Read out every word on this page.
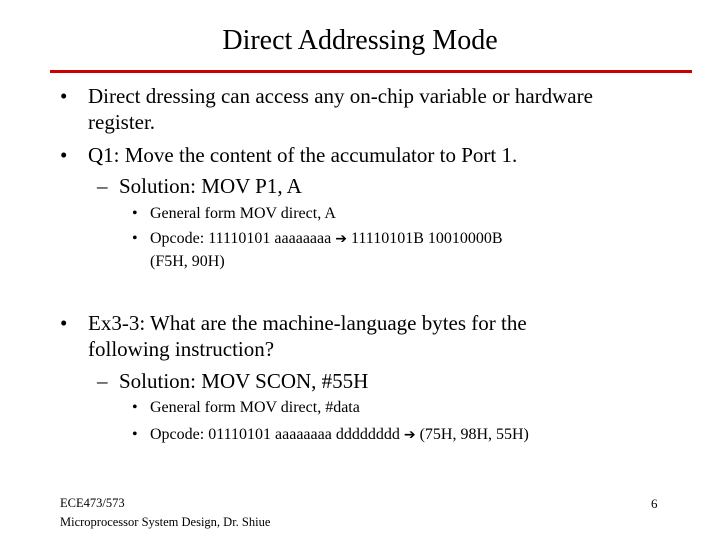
Direct Addressing Mode
• Direct dressing can access any on-chip variable or hardware
register.
• Q1: Move the content of the accumulator to Port 1.
– Solution: MOV P1, A
• General form MOV direct, A
• Opcode: 11110101 aaaaaaaa ➔ 11110101B 10010000B
(F5H, 90H)
• Ex3-3: What are the machine-language bytes for the
following instruction?
– Solution: MOV SCON, #55H
• General form MOV direct, #data
• Opcode: 01110101 aaaaaaaa dddddddd ➔ (75H, 98H, 55H)
ECE473/573
Microprocessor System Design, Dr. Shiue
6
